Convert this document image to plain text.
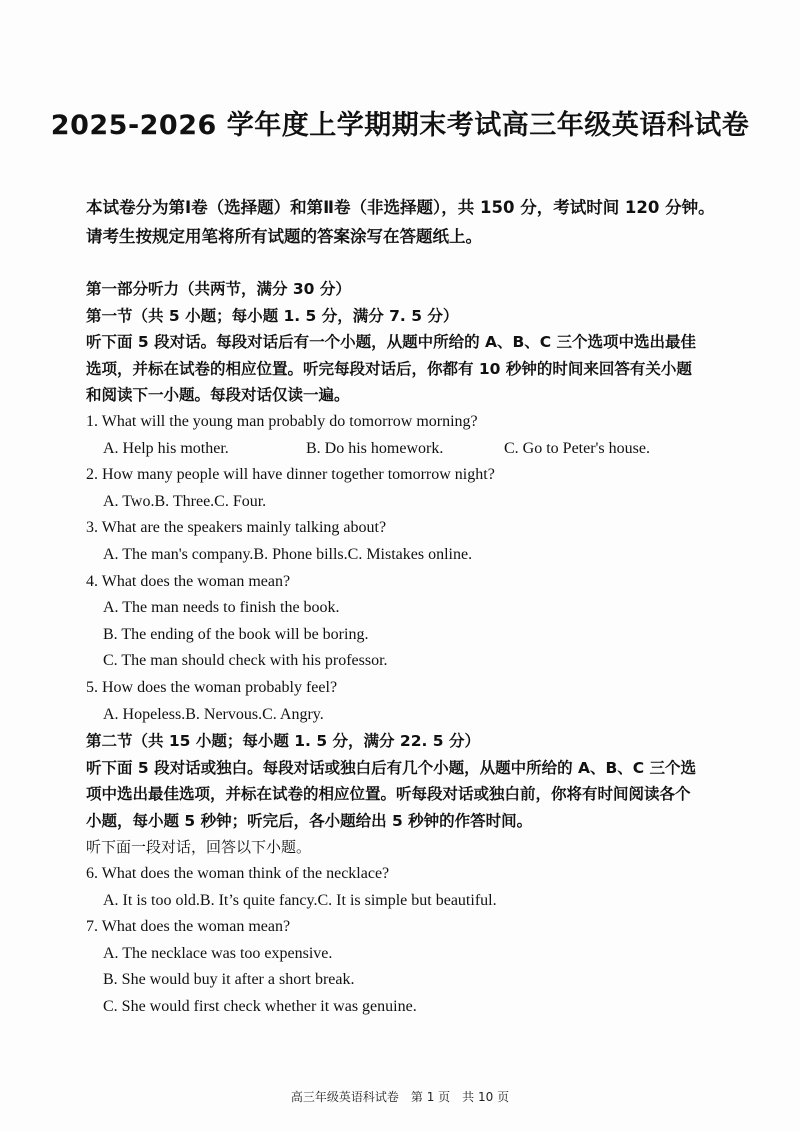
2025-2026 学年度上学期期末考试高三年级英语科试卷
本试卷分为第Ⅰ卷（选择题）和第Ⅱ卷（非选择题），共 150 分，考试时间 120 分钟。请考生按规定用笔将所有试题的答案涂写在答题纸上。
第一部分听力（共两节，满分 30 分）
第一节（共 5 小题；每小题 1. 5 分，满分 7. 5 分）
听下面 5 段对话。每段对话后有一个小题，从题中所给的 A、B、C 三个选项中选出最佳
选项，并标在试卷的相应位置。听完每段对话后，你都有 10 秒钟的时间来回答有关小题
和阅读下一小题。每段对话仅读一遍。
1. What will the young man probably do tomorrow morning?
A. Help his mother.	B. Do his homework.	C. Go to Peter's house.
2. How many people will have dinner together tomorrow night?
A. Two.B. Three.C. Four.
3. What are the speakers mainly talking about?
A. The man's company.B. Phone bills.C. Mistakes online.
4. What does the woman mean?
A. The man needs to finish the book.
B. The ending of the book will be boring.
C. The man should check with his professor.
5. How does the woman probably feel?
A. Hopeless.B. Nervous.C. Angry.
第二节（共 15 小题；每小题 1. 5 分，满分 22. 5 分）
听下面 5 段对话或独白。每段对话或独白后有几个小题，从题中所给的 A、B、C 三个选
项中选出最佳选项，并标在试卷的相应位置。听每段对话或独白前，你将有时间阅读各个
小题，每小题 5 秒钟；听完后，各小题给出 5 秒钟的作答时间。
听下面一段对话，回答以下小题。
6. What does the woman think of the necklace?
A. It is too old.B. It’s quite fancy.C. It is simple but beautiful.
7. What does the woman mean?
A. The necklace was too expensive.
B. She would buy it after a short break.
C. She would first check whether it was genuine.
高三年级英语科试卷　第 1 页　共 10 页
